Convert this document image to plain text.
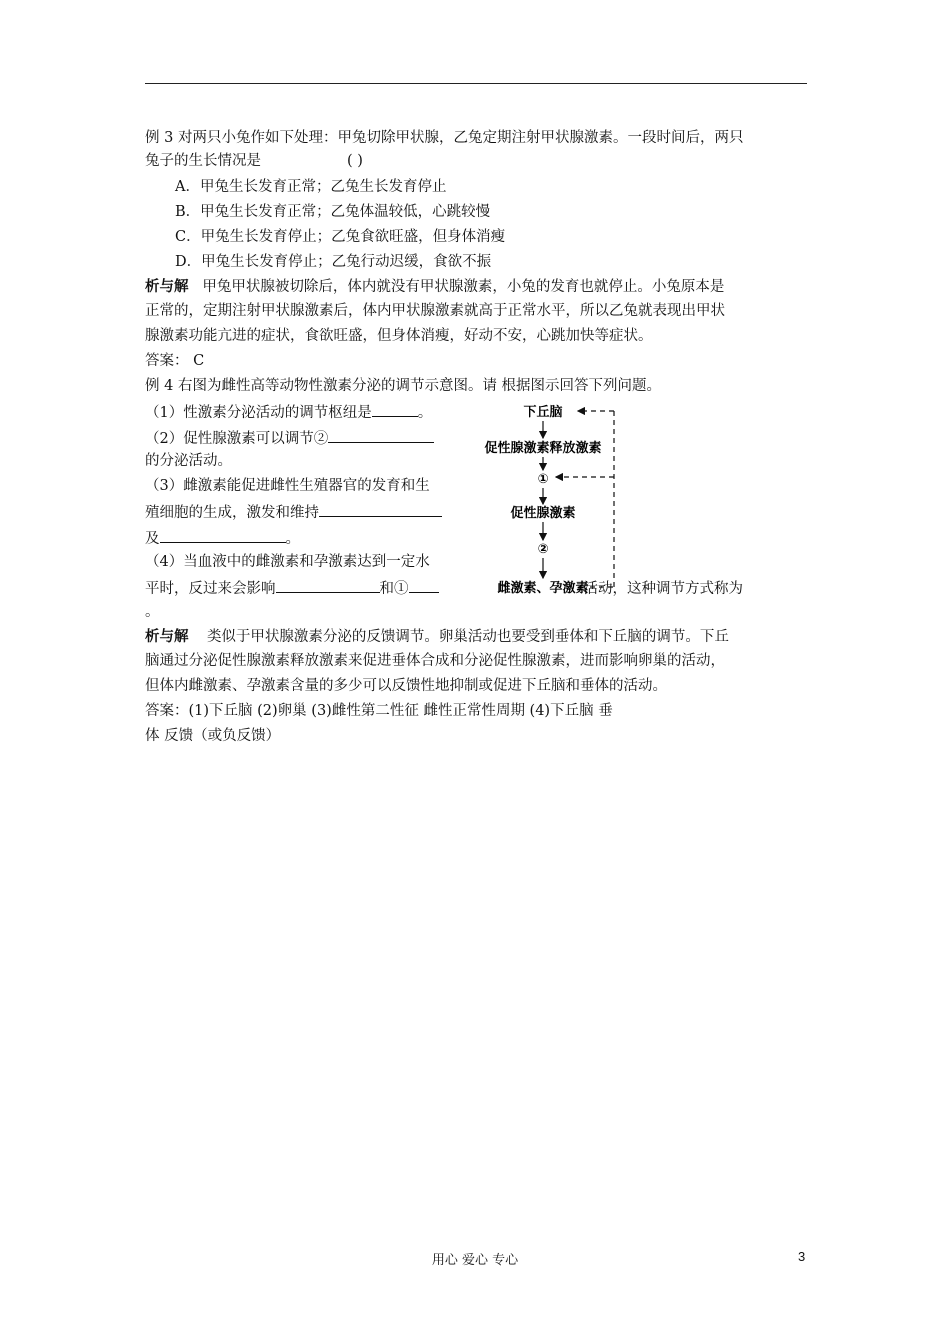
例 3 对两只小兔作如下处理：甲兔切除甲状腺，乙兔定期注射甲状腺激素。一段时间后，两只
兔子的生长情况是	( )
A．甲兔生长发育正常；乙兔生长发育停止
B．甲兔生长发育正常；乙兔体温较低，心跳较慢
C．甲兔生长发育停止；乙兔食欲旺盛，但身体消瘦
D．甲兔生长发育停止；乙兔行动迟缓，食欲不振
析与解 甲兔甲状腺被切除后，体内就没有甲状腺激素，小兔的发育也就停止。小兔原本是
正常的，定期注射甲状腺激素后，体内甲状腺激素就高于正常水平，所以乙兔就表现出甲状
腺激素功能亢进的症状，食欲旺盛，但身体消瘦，好动不安，心跳加快等症状。
答案： C
例 4 右图为雌性高等动物性激素分泌的调节示意图。请 根据图示回答下列问题。
（1）性激素分泌活动的调节枢纽是	。
（2）促性腺激素可以调节②
的分泌活动。
（3）雌激素能促进雌性生殖器官的发育和生
殖细胞的生成，激发和维持
及	。
（4）当血液中的雌激素和孕激素达到一定水
平时，反过来会影响	和①	活动，这种调节方式称为
。
下丘脑
促性腺激素释放激素
①
促性腺激素
②
雌激素、孕激素
析与解 类似于甲状腺激素分泌的反馈调节。卵巢活动也要受到垂体和下丘脑的调节。下丘
脑通过分泌促性腺激素释放激素来促进垂体合成和分泌促性腺激素，进而影响卵巢的活动，
但体内雌激素、孕激素含量的多少可以反馈性地抑制或促进下丘脑和垂体的活动。
答案：(1)下丘脑 (2)卵巢 (3)雌性第二性征 雌性正常性周期 (4)下丘脑 垂
体 反馈（或负反馈）
用心 爱心 专心	3
